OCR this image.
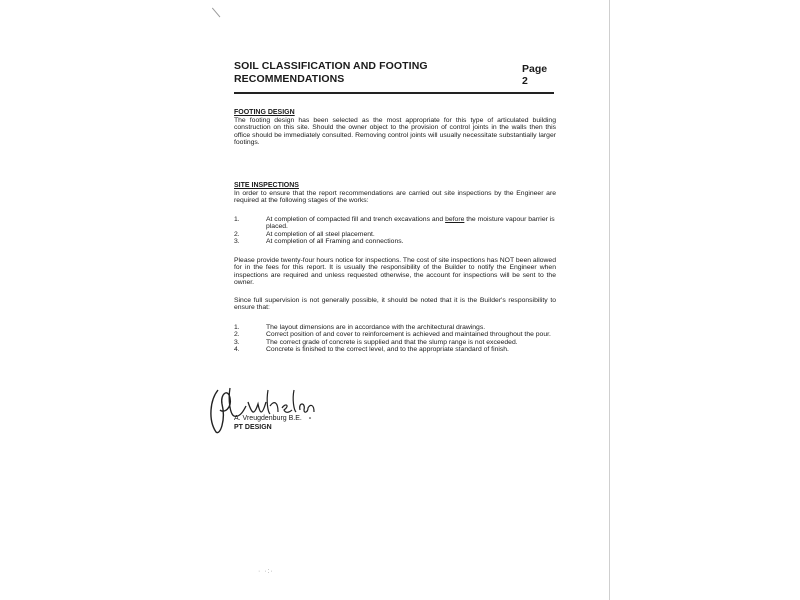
· ·:·
SOIL CLASSIFICATION AND FOOTING RECOMMENDATIONS
Page 2
FOOTING DESIGN
The footing design has been selected as the most appropriate for this type of articulated building construction on this site. Should the owner object to the provision of control joints in the walls then this office should be immediately consulted. Removing control joints will usually necessitate substantially larger footings.
SITE INSPECTIONS
In order to ensure that the report recommendations are carried out site inspections by the Engineer are required at the following stages of the works:
1.	At completion of compacted fill and trench excavations and before the moisture vapour barrier is placed.
2.	At completion of all steel placement.
3.	At completion of all Framing and connections.
Please provide twenty-four hours notice for inspections. The cost of site inspections has NOT been allowed for in the fees for this report. It is usually the responsibility of the Builder to notify the Engineer when inspections are required and unless requested otherwise, the account for inspections will be sent to the owner.
Since full supervision is not generally possible, it should be noted that it is the Builder's responsibility to ensure that:
1.	The layout dimensions are in accordance with the architectural drawings.
2.	Correct position of and cover to reinforcement is achieved and maintained throughout the pour.
3.	The correct grade of concrete is supplied and that the slump range is not exceeded.
4.	Concrete is finished to the correct level, and to the appropriate standard of finish.
A. Vreugdenburg B.E.
PT DESIGN
